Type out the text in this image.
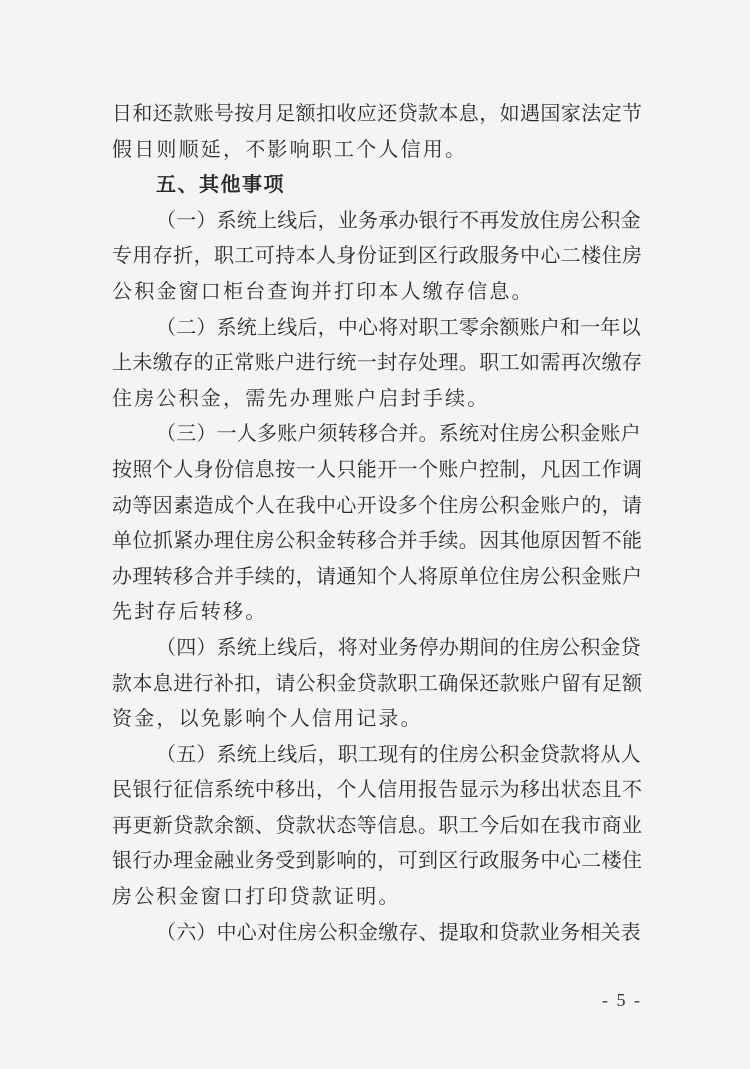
日和还款账号按月足额扣收应还贷款本息，如遇国家法定节
假日则顺延，不影响职工个人信用。
五、其他事项
（一）系统上线后，业务承办银行不再发放住房公积金
专用存折，职工可持本人身份证到区行政服务中心二楼住房
公积金窗口柜台查询并打印本人缴存信息。
（二）系统上线后，中心将对职工零余额账户和一年以
上未缴存的正常账户进行统一封存处理。职工如需再次缴存
住房公积金，需先办理账户启封手续。
（三）一人多账户须转移合并。系统对住房公积金账户
按照个人身份信息按一人只能开一个账户控制，凡因工作调
动等因素造成个人在我中心开设多个住房公积金账户的，请
单位抓紧办理住房公积金转移合并手续。因其他原因暂不能
办理转移合并手续的，请通知个人将原单位住房公积金账户
先封存后转移。
（四）系统上线后，将对业务停办期间的住房公积金贷
款本息进行补扣，请公积金贷款职工确保还款账户留有足额
资金，以免影响个人信用记录。
（五）系统上线后，职工现有的住房公积金贷款将从人
民银行征信系统中移出，个人信用报告显示为移出状态且不
再更新贷款余额、贷款状态等信息。职工今后如在我市商业
银行办理金融业务受到影响的，可到区行政服务中心二楼住
房公积金窗口打印贷款证明。
（六）中心对住房公积金缴存、提取和贷款业务相关表
- 5 -
